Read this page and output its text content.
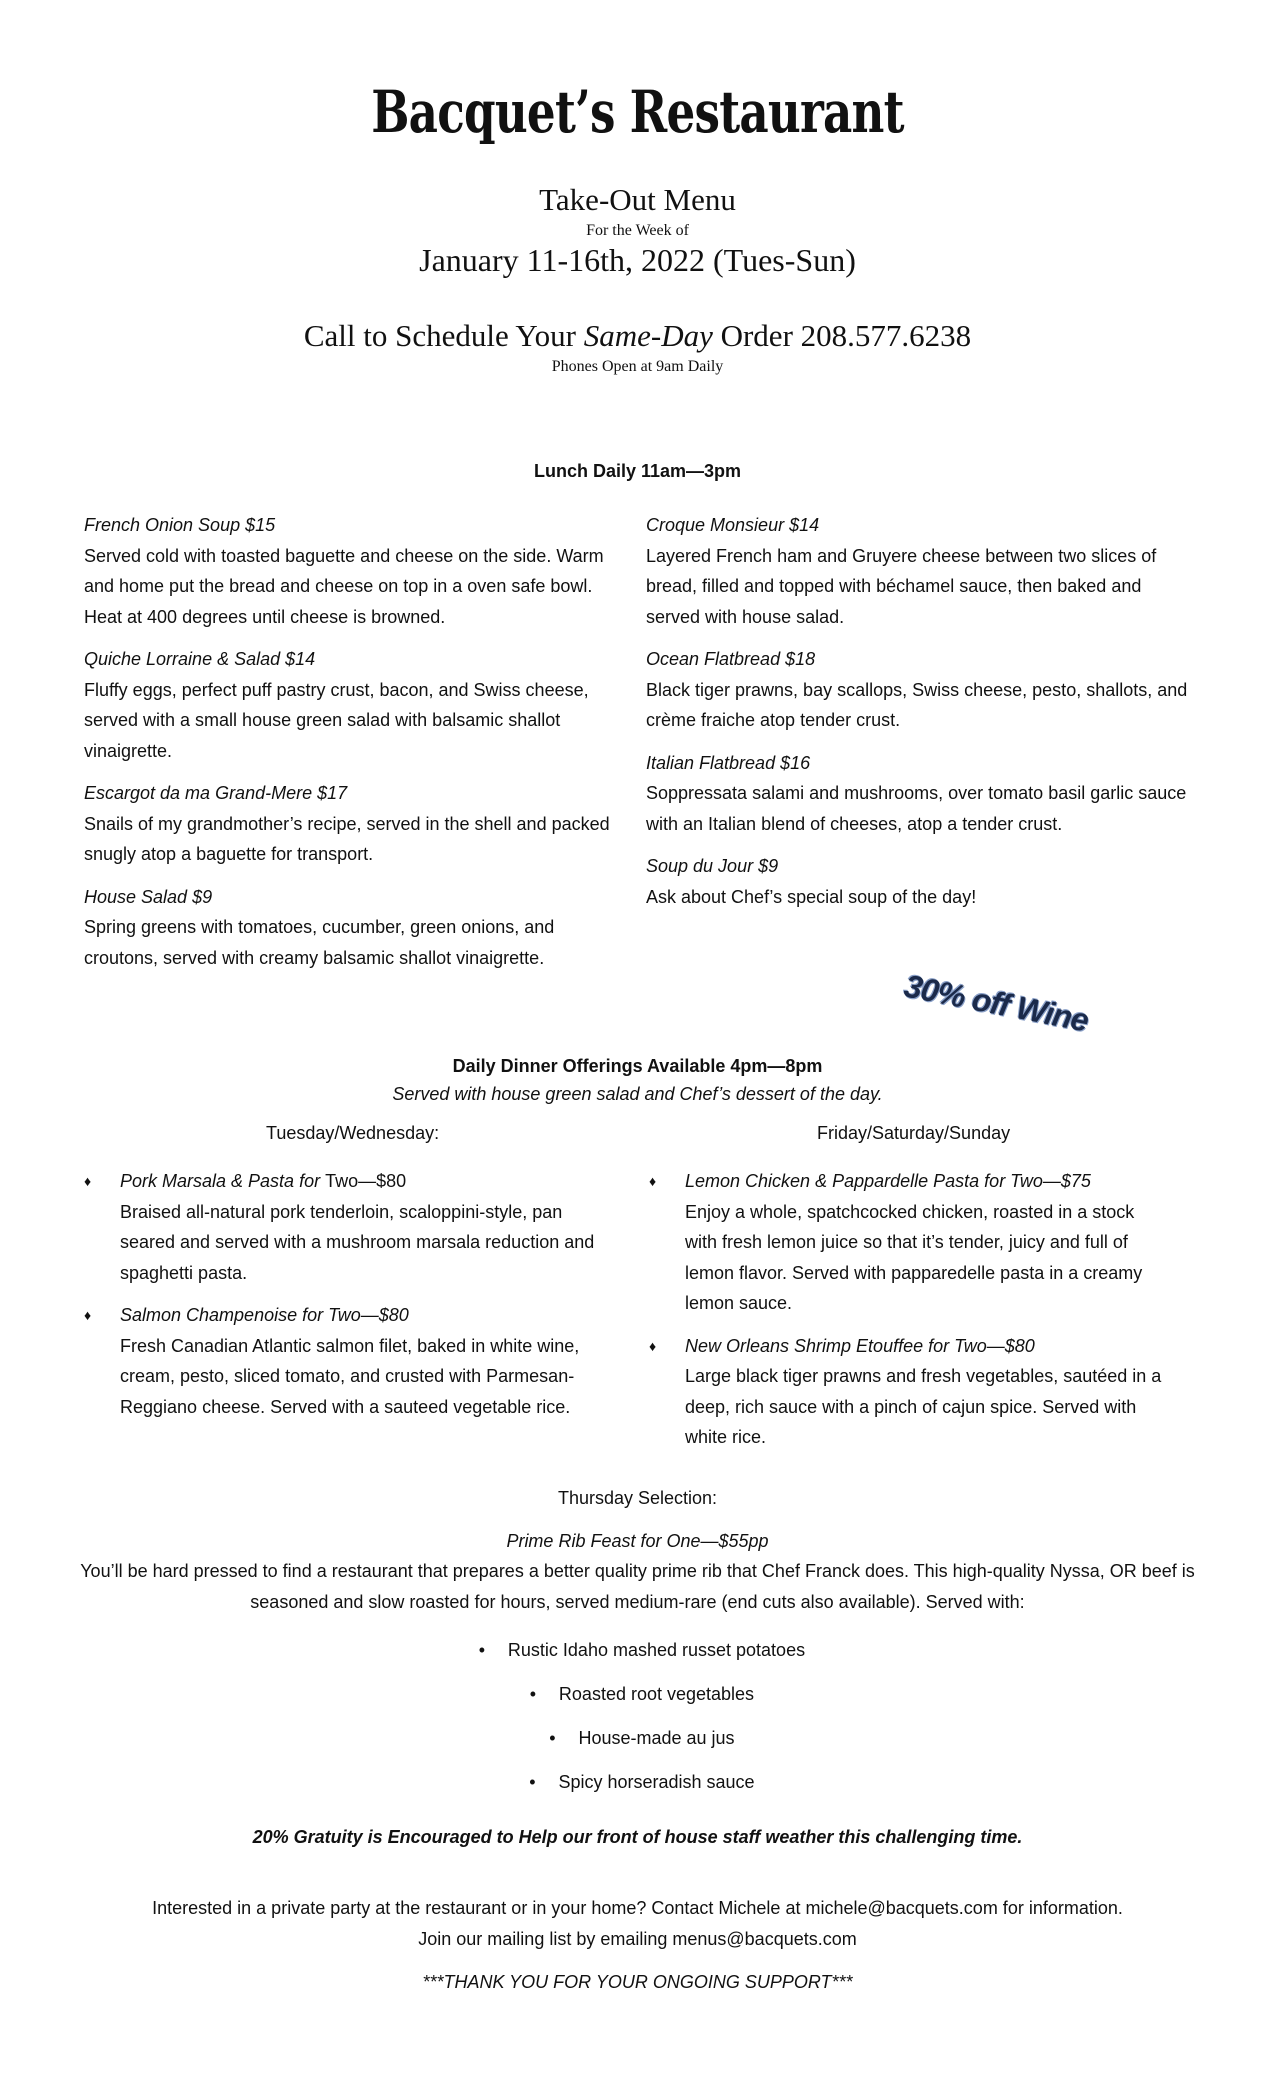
Bacquet’s Restaurant
Take-Out Menu
For the Week of
January 11-16th, 2022 (Tues-Sun)
Call to Schedule Your Same-Day Order 208.577.6238
Phones Open at 9am Daily
Lunch Daily 11am—3pm
French Onion Soup $15
Served cold with toasted baguette and cheese on the side. Warm and home put the bread and cheese on top in a oven safe bowl. Heat at 400 degrees until cheese is browned.
Quiche Lorraine & Salad $14
Fluffy eggs, perfect puff pastry crust, bacon, and Swiss cheese, served with a small house green salad with balsamic shallot vinaigrette.
Escargot da ma Grand-Mere $17
Snails of my grandmother’s recipe, served in the shell and packed snugly atop a baguette for transport.
House Salad $9
Spring greens with tomatoes, cucumber, green onions, and croutons, served with creamy balsamic shallot vinaigrette.
Croque Monsieur $14
Layered French ham and Gruyere cheese between two slices of bread, filled and topped with béchamel sauce, then baked and served with house salad.
Ocean Flatbread $18
Black tiger prawns, bay scallops, Swiss cheese, pesto, shallots, and crème fraiche atop tender crust.
Italian Flatbread $16
Soppressata salami and mushrooms, over tomato basil garlic sauce with an Italian blend of cheeses, atop a tender crust.
Soup du Jour $9
Ask about Chef’s special soup of the day!
30% off Wine
Daily Dinner Offerings Available 4pm—8pm
Served with house green salad and Chef’s dessert of the day.
Tuesday/Wednesday:	Friday/Saturday/Sunday
♦ Pork Marsala & Pasta for Two—$80
Braised all-natural pork tenderloin, scaloppini-style, pan seared and served with a mushroom marsala reduction and spaghetti pasta.
♦ Salmon Champenoise for Two—$80
Fresh Canadian Atlantic salmon filet, baked in white wine, cream, pesto, sliced tomato, and crusted with Parmesan-Reggiano cheese. Served with a sauteed vegetable rice.
♦ Lemon Chicken & Pappardelle Pasta for Two—$75
Enjoy a whole, spatchcocked chicken, roasted in a stock with fresh lemon juice so that it’s tender, juicy and full of lemon flavor. Served with papparedelle pasta in a creamy lemon sauce.
♦ New Orleans Shrimp Etouffee for Two—$80
Large black tiger prawns and fresh vegetables, sautéed in a deep, rich sauce with a pinch of cajun spice. Served with white rice.
Thursday Selection:
Prime Rib Feast for One—$55pp
You’ll be hard pressed to find a restaurant that prepares a better quality prime rib that Chef Franck does. This high-quality Nyssa, OR beef is seasoned and slow roasted for hours, served medium-rare (end cuts also available). Served with:
• Rustic Idaho mashed russet potatoes
• Roasted root vegetables
• House-made au jus
• Spicy horseradish sauce
20% Gratuity is Encouraged to Help our front of house staff weather this challenging time.
Interested in a private party at the restaurant or in your home? Contact Michele at michele@bacquets.com for information.
Join our mailing list by emailing menus@bacquets.com
***THANK YOU FOR YOUR ONGOING SUPPORT***
